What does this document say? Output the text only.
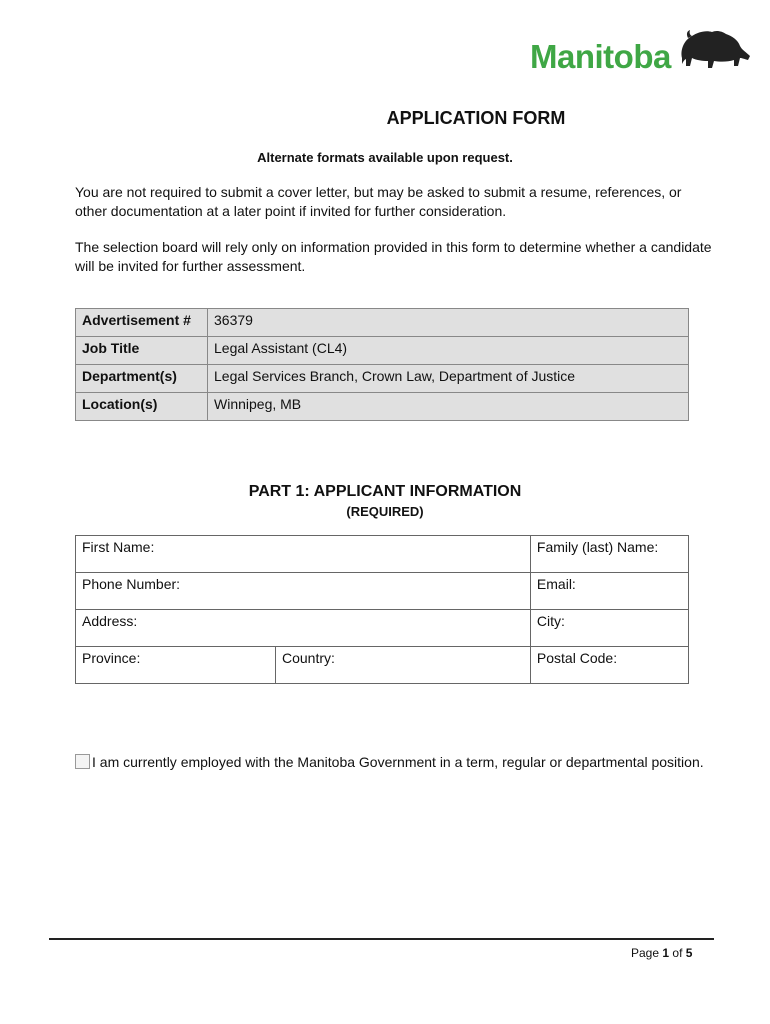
Manitoba
APPLICATION FORM
Alternate formats available upon request.
You are not required to submit a cover letter, but may be asked to submit a resume, references, or other documentation at a later point if invited for further consideration.
The selection board will rely only on information provided in this form to determine whether a candidate will be invited for further assessment.
Advertisement #	36379
Job Title	Legal Assistant (CL4)
Department(s)	Legal Services Branch, Crown Law, Department of Justice
Location(s)	Winnipeg, MB
PART 1: APPLICANT INFORMATION
(REQUIRED)
First Name:		Family (last) Name:
Phone Number:		Email:
Address:		City:
Province:	Country:	Postal Code:
I am currently employed with the Manitoba Government in a term, regular or departmental position.
Page 1 of 5
